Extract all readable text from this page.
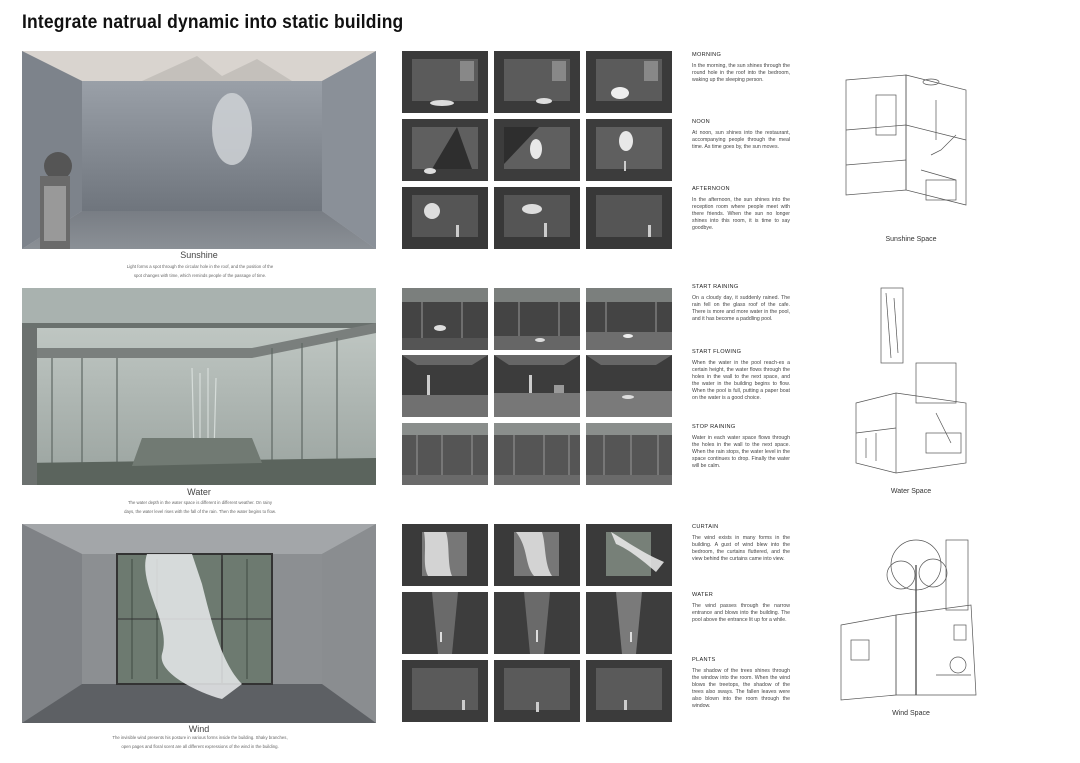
Integrate natrual dynamic into static building
Sunshine
Light forms a spot through the circular hole in the roof, and the position of the
spot changes with time, which reminds people of the passage of time.
MORNING
In the morning, the sun shines through the round hole in the roof into the bedroom, waking up the sleeping person.
NOON
At noon, sun shines into the restaurant, accompanying people through the meal time. As time goes by, the sun moves.
AFTERNOON
In the afternoon, the sun shines into the reception room where people meet with there friends. When the sun no longer shines into this room, it is time to say goodbye.
Sunshine Space
Water
The water depth in the water space is different in different weather. On rainy
days, the water level rises with the fall of the rain. Then the water begins to flow.
START RAINING
On a cloudy day, it suddenly rained. The rain fell on the glass roof of the cafe. There is more and more water in the pool, and it has become a paddling pool.
START FLOWING
When the water in the pool reach-es a certain height, the water flows through the holes in the wall to the next space, and the water in the building begins to flow. When the pool is full, putting a paper boat on the water is a good choice.
STOP RAINING
Water in each water space flows through the holes in the wall to the next space. When the rain stops, the water level in the space continues to drop. Finally the water will be calm.
Water Space
Wind
The invisible wind presents his posture in various forms inside the building. Shaky branches,
open pages and floral scent are all different expressions of the wind in the building.
CURTAIN
The wind exists in many forms in the building. A gust of wind blew into the bedroom, the curtains fluttered, and the view behind the curtains came into view.
WATER
The wind passes through the narrow entrance and blows into the building. The pool above the entrance lit up for a while.
PLANTS
The shadow of the trees shines through the window into the room. When the wind blows the treetops, the shadow of the trees also sways. The fallen leaves were also blown into the room through the window.
Wind Space
